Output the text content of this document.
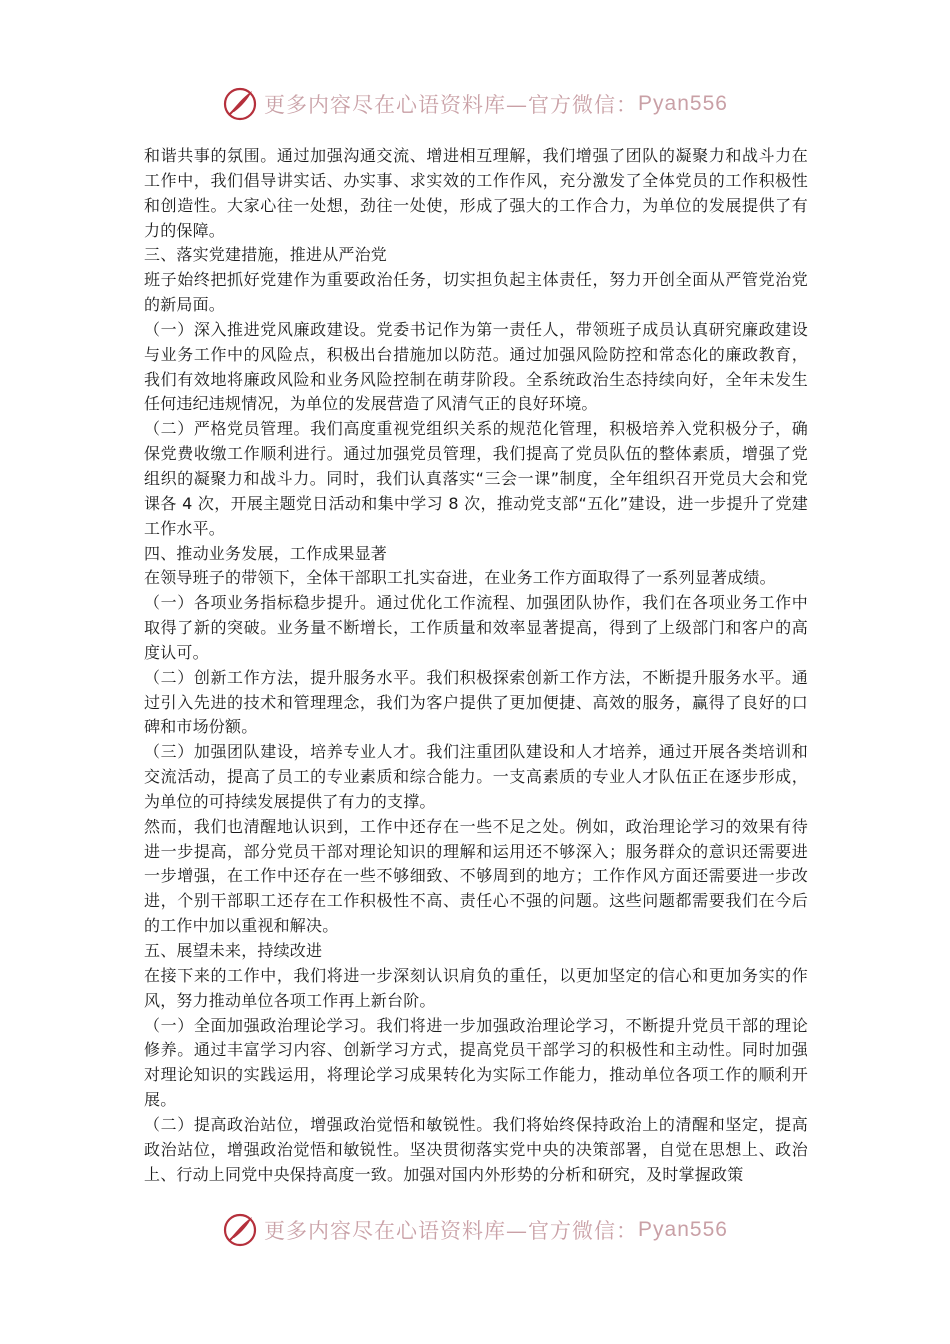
更多内容尽在心语资料库—官方微信： Pyan556

和谐共事的氛围。通过加强沟通交流、增进相互理解，我们增强了团队的凝聚力和战斗力在工作中，我们倡导讲实话、办实事、求实效的工作作风，充分激发了全体党员的工作积极性和创造性。大家心往一处想，劲往一处使，形成了强大的工作合力，为单位的发展提供了有力的保障。

三、落实党建措施，推进从严治党

班子始终把抓好党建作为重要政治任务，切实担负起主体责任，努力开创全面从严管党治党的新局面。

（一）深入推进党风廉政建设。党委书记作为第一责任人，带领班子成员认真研究廉政建设与业务工作中的风险点，积极出台措施加以防范。通过加强风险防控和常态化的廉政教育，我们有效地将廉政风险和业务风险控制在萌芽阶段。全系统政治生态持续向好，全年未发生任何违纪违规情况，为单位的发展营造了风清气正的良好环境。

（二）严格党员管理。我们高度重视党组织关系的规范化管理，积极培养入党积极分子，确保党费收缴工作顺利进行。通过加强党员管理，我们提高了党员队伍的整体素质，增强了党组织的凝聚力和战斗力。同时，我们认真落实“三会一课”制度，全年组织召开党员大会和党课各 4 次，开展主题党日活动和集中学习 8 次，推动党支部“五化”建设，进一步提升了党建工作水平。

四、推动业务发展，工作成果显著

在领导班子的带领下，全体干部职工扎实奋进，在业务工作方面取得了一系列显著成绩。

（一）各项业务指标稳步提升。通过优化工作流程、加强团队协作，我们在各项业务工作中取得了新的突破。业务量不断增长，工作质量和效率显著提高，得到了上级部门和客户的高度认可。

（二）创新工作方法，提升服务水平。我们积极探索创新工作方法，不断提升服务水平。通过引入先进的技术和管理理念，我们为客户提供了更加便捷、高效的服务，赢得了良好的口碑和市场份额。

（三）加强团队建设，培养专业人才。我们注重团队建设和人才培养，通过开展各类培训和交流活动，提高了员工的专业素质和综合能力。一支高素质的专业人才队伍正在逐步形成，为单位的可持续发展提供了有力的支撑。

然而，我们也清醒地认识到，工作中还存在一些不足之处。例如，政治理论学习的效果有待进一步提高，部分党员干部对理论知识的理解和运用还不够深入；服务群众的意识还需要进一步增强，在工作中还存在一些不够细致、不够周到的地方；工作作风方面还需要进一步改进，个别干部职工还存在工作积极性不高、责任心不强的问题。这些问题都需要我们在今后的工作中加以重视和解决。

五、展望未来，持续改进

在接下来的工作中，我们将进一步深刻认识肩负的重任，以更加坚定的信心和更加务实的作风，努力推动单位各项工作再上新台阶。

（一）全面加强政治理论学习。我们将进一步加强政治理论学习，不断提升党员干部的理论修养。通过丰富学习内容、创新学习方式，提高党员干部学习的积极性和主动性。同时加强对理论知识的实践运用，将理论学习成果转化为实际工作能力，推动单位各项工作的顺利开展。

（二）提高政治站位，增强政治觉悟和敏锐性。我们将始终保持政治上的清醒和坚定，提高政治站位，增强政治觉悟和敏锐性。坚决贯彻落实党中央的决策部署，自觉在思想上、政治上、行动上同党中央保持高度一致。加强对国内外形势的分析和研究，及时掌握政策

更多内容尽在心语资料库—官方微信： Pyan556
